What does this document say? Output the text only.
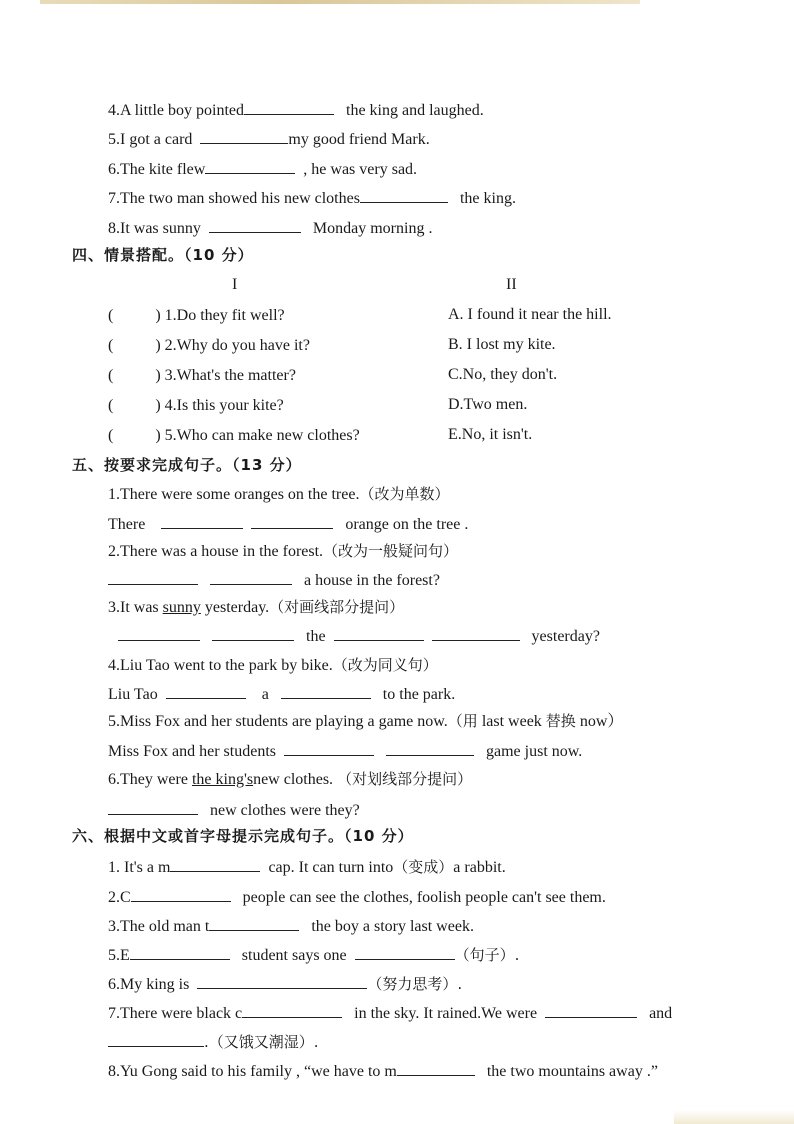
4.A little boy pointed	the king and laughed.
5.I got a card	my good friend Mark.
6.The kite flew	, he was very sad.
7.The two man showed his new clothes	the king.
8.It was sunny	Monday morning .
四、情景搭配。（10 分）
I	II
(	) 1.Do they fit well?	A. I found it near the hill.
(	) 2.Why do you have it?	B. I lost my kite.
(	) 3.What's the matter?	C.No, they don't.
(	) 4.Is this your kite?	D.Two men.
(	) 5.Who can make new clothes?	E.No, it isn't.
五、按要求完成句子。（13 分）
1.There were some oranges on the tree.（改为单数）
There	orange on the tree .
2.There was a house in the forest.（改为一般疑问句）
a house in the forest?
3.It was sunny yesterday.（对画线部分提问）
the	yesterday?
4.Liu Tao went to the park by bike.（改为同义句）
Liu Tao	a	to the park.
5.Miss Fox and her students are playing a game now.（用 last week 替换 now）
Miss Fox and her students	game just now.
6.They were the king'snew clothes. （对划线部分提问）
new clothes were they?
六、根据中文或首字母提示完成句子。（10 分）
1. It's a m	cap. It can turn into（变成）a rabbit.
2.C	people can see the clothes, foolish people can't see them.
3.The old man t	the boy a story last week.
5.E	student says one	（句子）.
6.My king is	（努力思考）.
7.There were black c	in the sky. It rained.We were	and
.（又饿又潮湿）.
8.Yu Gong said to his family , “we have to m	the two mountains away .”
